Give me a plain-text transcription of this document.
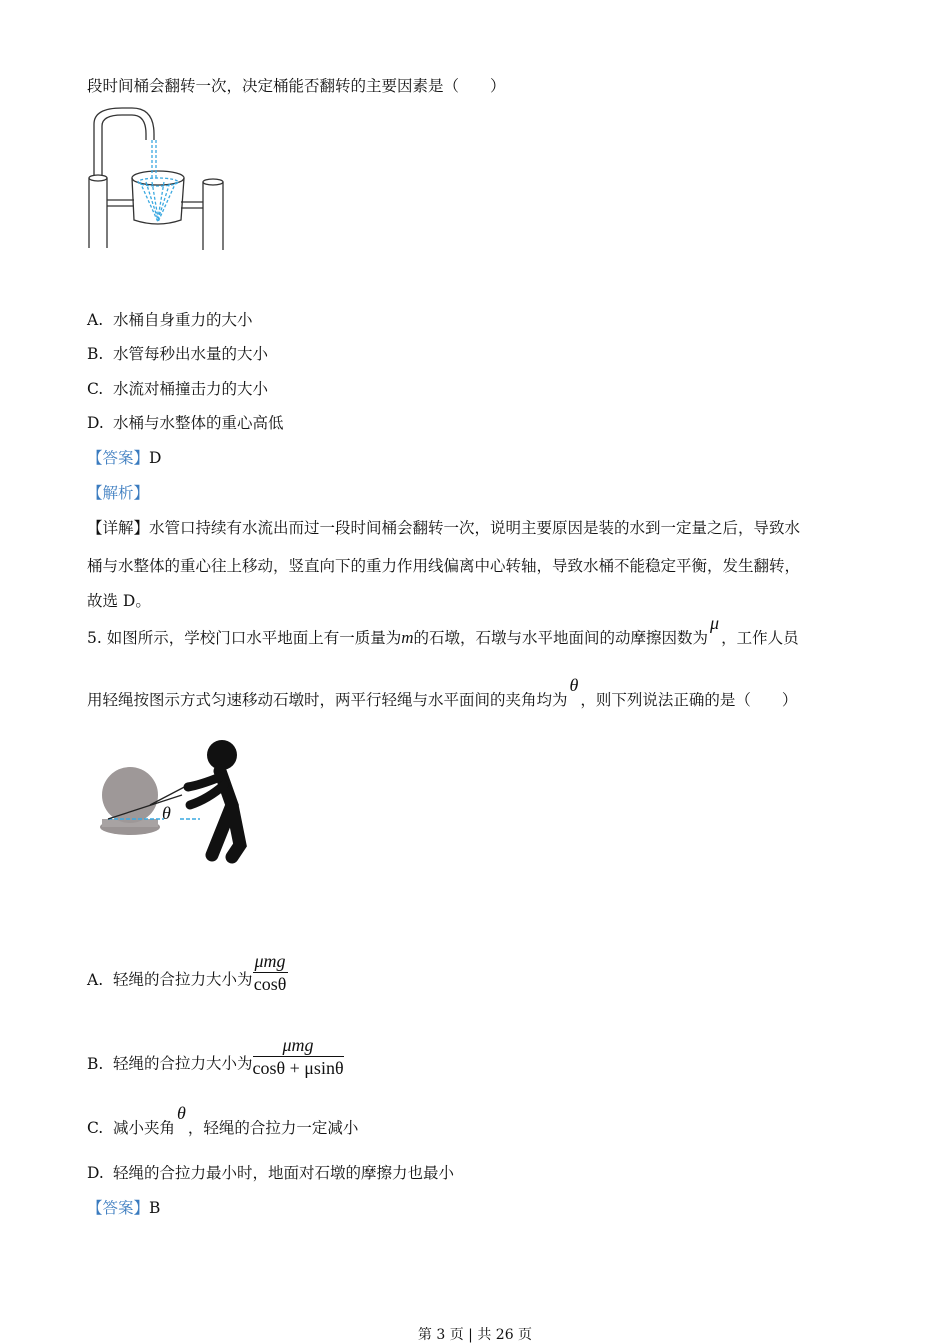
段时间桶会翻转一次，决定桶能否翻转的主要因素是（　　）
A. 水桶自身重力的大小
B. 水管每秒出水量的大小
C. 水流对桶撞击力的大小
D. 水桶与水整体的重心高低
【答案】D
【解析】
【详解】水管口持续有水流出而过一段时间桶会翻转一次，说明主要原因是装的水到一定量之后，导致水
桶与水整体的重心往上移动，竖直向下的重力作用线偏离中心转轴，导致水桶不能稳定平衡，发生翻转，
故选 D。
5. 如图所示，学校门口水平地面上有一质量为m的石墩，石墩与水平地面间的动摩擦因数为μ，工作人员
用轻绳按图示方式匀速移动石墩时，两平行轻绳与水平面间的夹角均为θ，则下列说法正确的是（　　）
θ
A. 轻绳的合拉力大小为 $\frac{\text{μmg}}{\cos\theta}$
B. 轻绳的合拉力大小为 $\frac{\text{μmg}}{\cos\theta + \mu\sin\theta}$
C. 减小夹角θ，轻绳的合拉力一定减小
D. 轻绳的合拉力最小时，地面对石墩的摩擦力也最小
【答案】B
第 3 页 | 共 26 页
